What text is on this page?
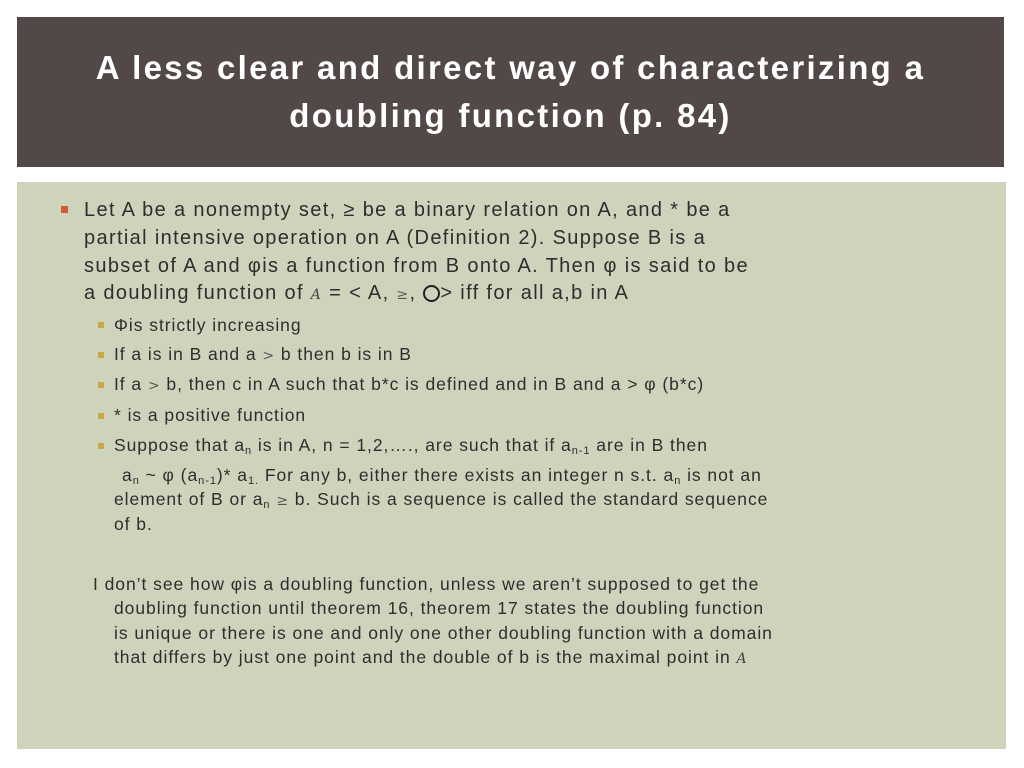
A less clear and direct way of characterizing a doubling function (p. 84)
Let A be a nonempty set, ≥ be a binary relation on A, and * be a
partial intensive operation on A (Definition 2). Suppose B is a
subset of A and φis a function from B onto A. Then φ is said to be
a doubling function of A = < A, ≥, > iff for all a,b in A
Φis strictly increasing
If a is in B and a > b then b is in B
If a > b, then c in A such that b*c is defined and in B and a > φ (b*c)
* is a positive function
Suppose that $a_n$ is in A, n = 1,2,…., are such that if $a_{n-1}$ are in B then
$a_n$ ~ φ $(a_{n-1})*$ $a_{1.}$ For any b, either there exists an integer n s.t. $a_n$ is not an
element of B or $a_n \ge b$. Such is a sequence is called the standard sequence
of b.
I don’t see how φis a doubling function, unless we aren’t supposed to get the
doubling function until theorem 16, theorem 17 states the doubling function
is unique or there is one and only one other doubling function with a domain
that differs by just one point and the double of b is the maximal point in A
